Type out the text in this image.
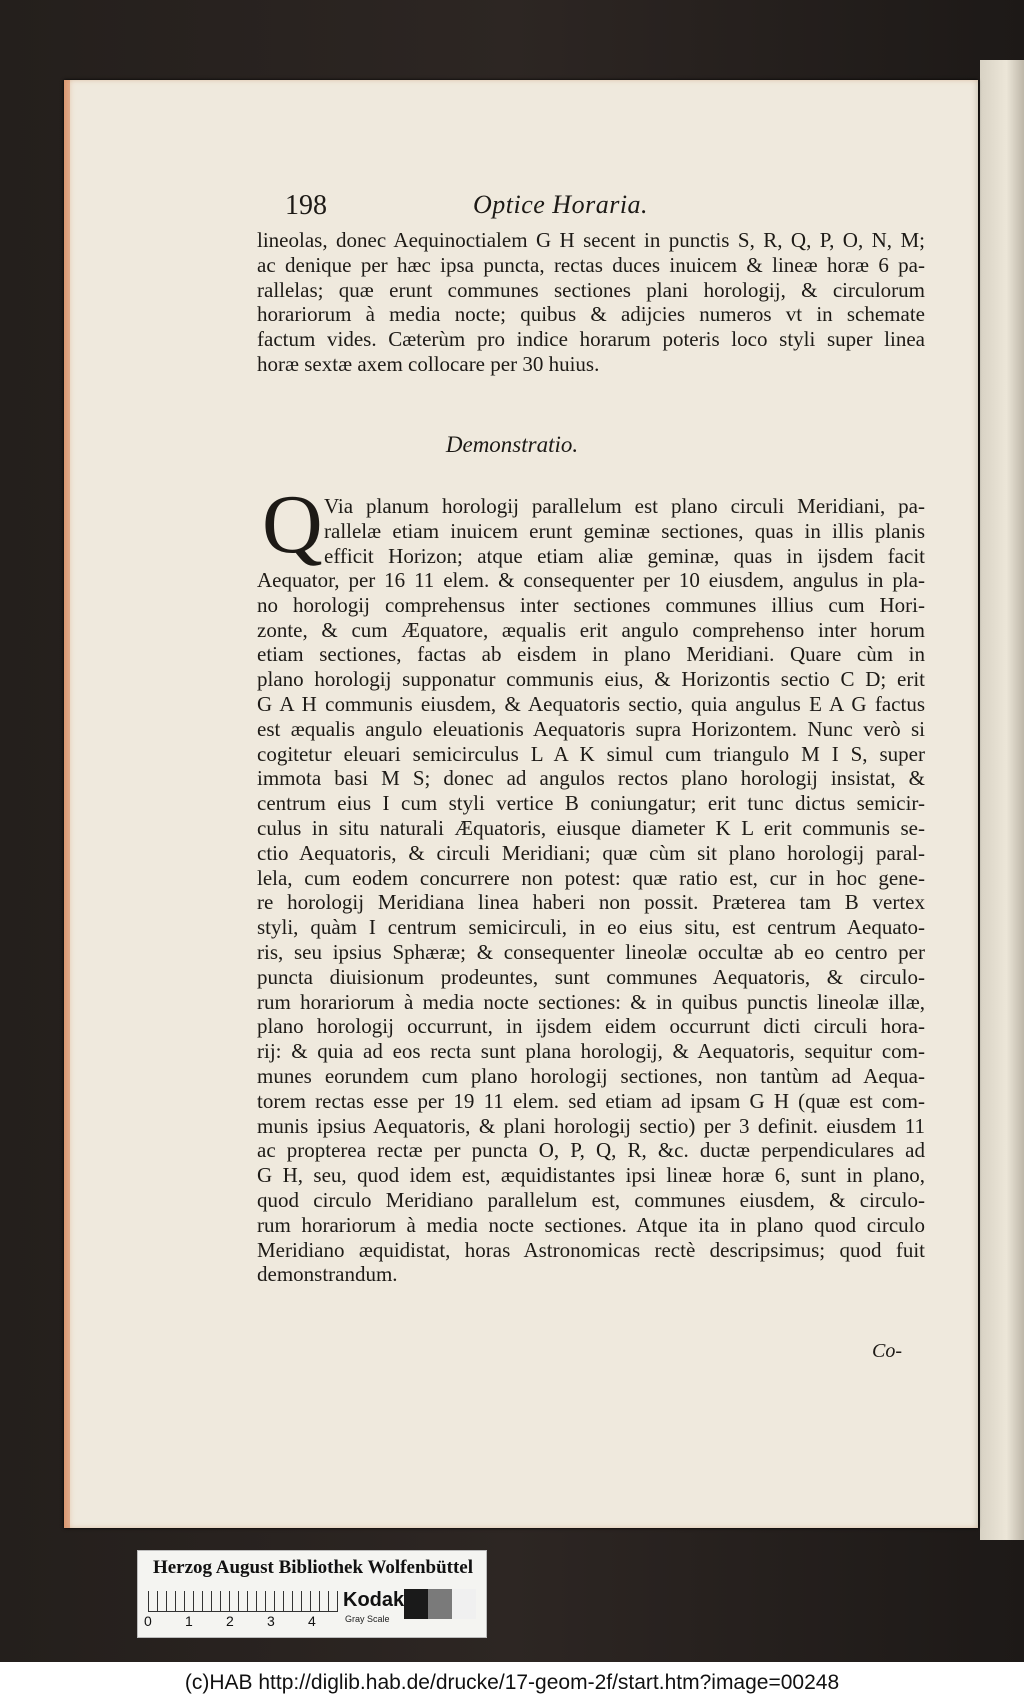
198	Optice Horaria.
lineolas, donec Aequinoctialem G H secent in punctis S, R, Q, P, O, N, M;
ac denique per hæc ipsa puncta, rectas duces inuicem & lineæ horæ 6 pa-
rallelas; quæ erunt communes sectiones plani horologij, & circulorum
horariorum à media nocte; quibus & adijcies numeros vt in schemate
factum vides. Cæterùm pro indice horarum poteris loco styli super linea
horæ sextæ axem collocare per 30 huius.
Demonstratio.
Q Via planum horologij parallelum est plano circuli Meridiani, pa-
rallelæ etiam inuicem erunt geminæ sectiones, quas in illis planis
efficit Horizon; atque etiam aliæ geminæ, quas in ijsdem facit
Aequator, per 16 11 elem. & consequenter per 10 eiusdem, angulus in pla-
no horologij comprehensus inter sectiones communes illius cum Hori-
zonte, & cum Æquatore, æqualis erit angulo comprehenso inter horum
etiam sectiones, factas ab eisdem in plano Meridiani. Quare cùm in
plano horologij supponatur communis eius, & Horizontis sectio C D; erit
G A H communis eiusdem, & Aequatoris sectio, quia angulus E A G factus
est æqualis angulo eleuationis Aequatoris supra Horizontem. Nunc verò si
cogitetur eleuari semicirculus L A K simul cum triangulo M I S, super
immota basi M S; donec ad angulos rectos plano horologij insistat, &
centrum eius I cum styli vertice B coniungatur; erit tunc dictus semicir-
culus in situ naturali Æquatoris, eiusque diameter K L erit communis se-
ctio Aequatoris, & circuli Meridiani; quæ cùm sit plano horologij paral-
lela, cum eodem concurrere non potest: quæ ratio est, cur in hoc gene-
re horologij Meridiana linea haberi non possit. Præterea tam B vertex
styli, quàm I centrum semicirculi, in eo eius situ, est centrum Aequato-
ris, seu ipsius Sphæræ; & consequenter lineolæ occultæ ab eo centro per
puncta diuisionum prodeuntes, sunt communes Aequatoris, & circulo-
rum horariorum à media nocte sectiones: & in quibus punctis lineolæ illæ,
plano horologij occurrunt, in ijsdem eidem occurrunt dicti circuli hora-
rij: & quia ad eos recta sunt plana horologij, & Aequatoris, sequitur com-
munes eorundem cum plano horologij sectiones, non tantùm ad Aequa-
torem rectas esse per 19 11 elem. sed etiam ad ipsam G H (quæ est com-
munis ipsius Aequatoris, & plani horologij sectio) per 3 definit. eiusdem 11
ac propterea rectæ per puncta O, P, Q, R, &c. ductæ perpendiculares ad
G H, seu, quod idem est, æquidistantes ipsi lineæ horæ 6, sunt in plano,
quod circulo Meridiano parallelum est, communes eiusdem, & circulo-
rum horariorum à media nocte sectiones. Atque ita in plano quod circulo
Meridiano æquidistat, horas Astronomicas rectè descripsimus; quod fuit
demonstrandum.
Co-
Herzog August Bibliothek Wolfenbüttel
0 1 2 3 4
Kodak
Gray Scale
(c)HAB http://diglib.hab.de/drucke/17-geom-2f/start.htm?image=00248
